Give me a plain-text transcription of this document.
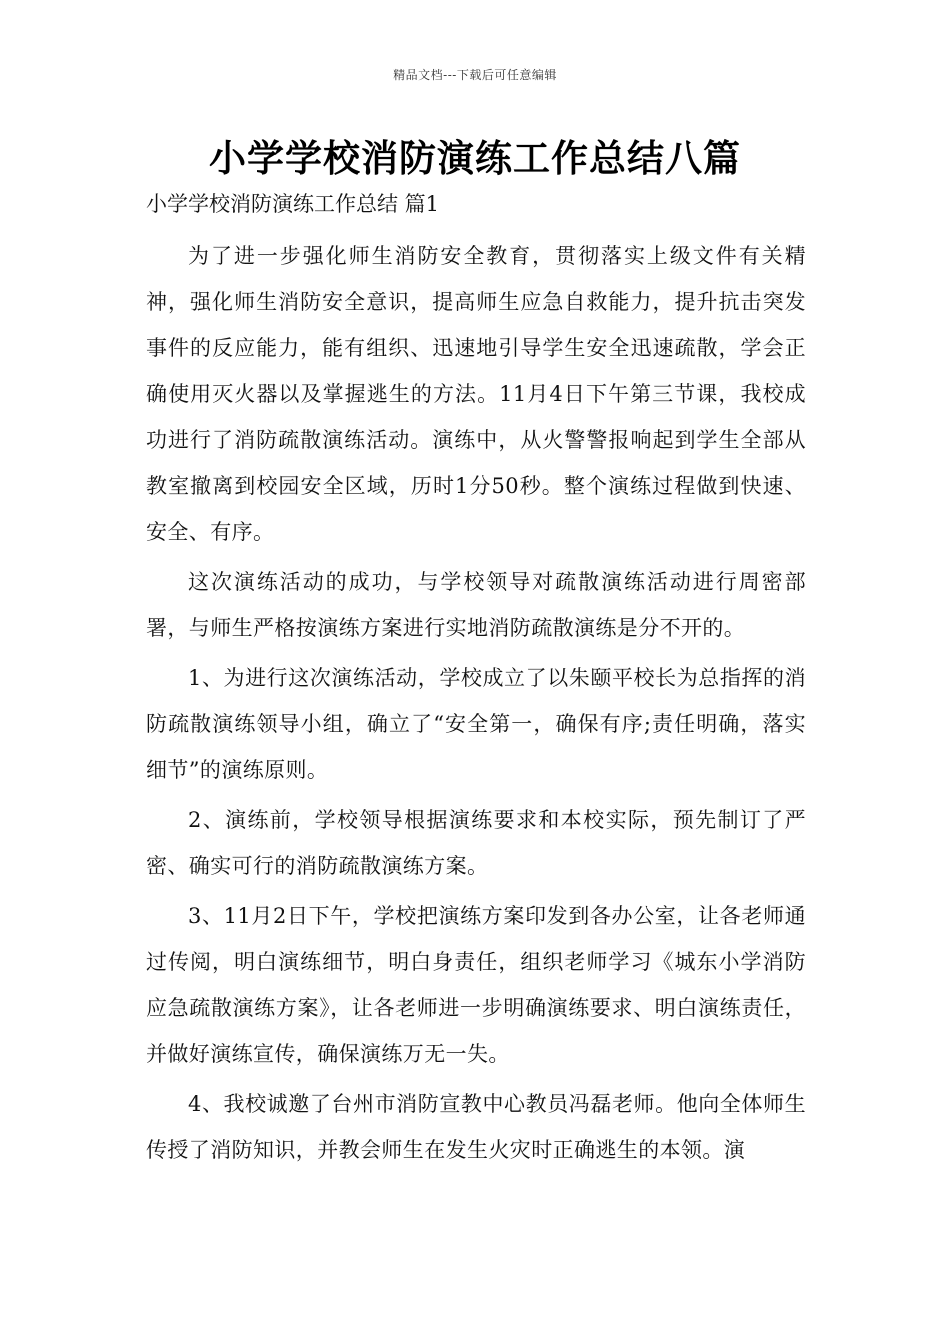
精品文档---下载后可任意编辑
小学学校消防演练工作总结八篇
小学学校消防演练工作总结 篇1

为了进一步强化师生消防安全教育，贯彻落实上级文件有关精神，强化师生消防安全意识，提高师生应急自救能力，提升抗击突发事件的反应能力，能有组织、迅速地引导学生安全迅速疏散，学会正确使用灭火器以及掌握逃生的方法。11月4日下午第三节课，我校成功进行了消防疏散演练活动。演练中，从火警警报响起到学生全部从教室撤离到校园安全区域，历时1分50秒。整个演练过程做到快速、安全、有序。

这次演练活动的成功，与学校领导对疏散演练活动进行周密部署，与师生严格按演练方案进行实地消防疏散演练是分不开的。

1、为进行这次演练活动，学校成立了以朱颐平校长为总指挥的消防疏散演练领导小组，确立了“安全第一，确保有序;责任明确，落实细节”的演练原则。

2、演练前，学校领导根据演练要求和本校实际，预先制订了严密、确实可行的消防疏散演练方案。

3、11月2日下午，学校把演练方案印发到各办公室，让各老师通过传阅，明白演练细节，明白身责任，组织老师学习《城东小学消防应急疏散演练方案》，让各老师进一步明确演练要求、明白演练责任，并做好演练宣传，确保演练万无一失。

4、我校诚邀了台州市消防宣教中心教员冯磊老师。他向全体师生传授了消防知识，并教会师生在发生火灾时正确逃生的本领。演
